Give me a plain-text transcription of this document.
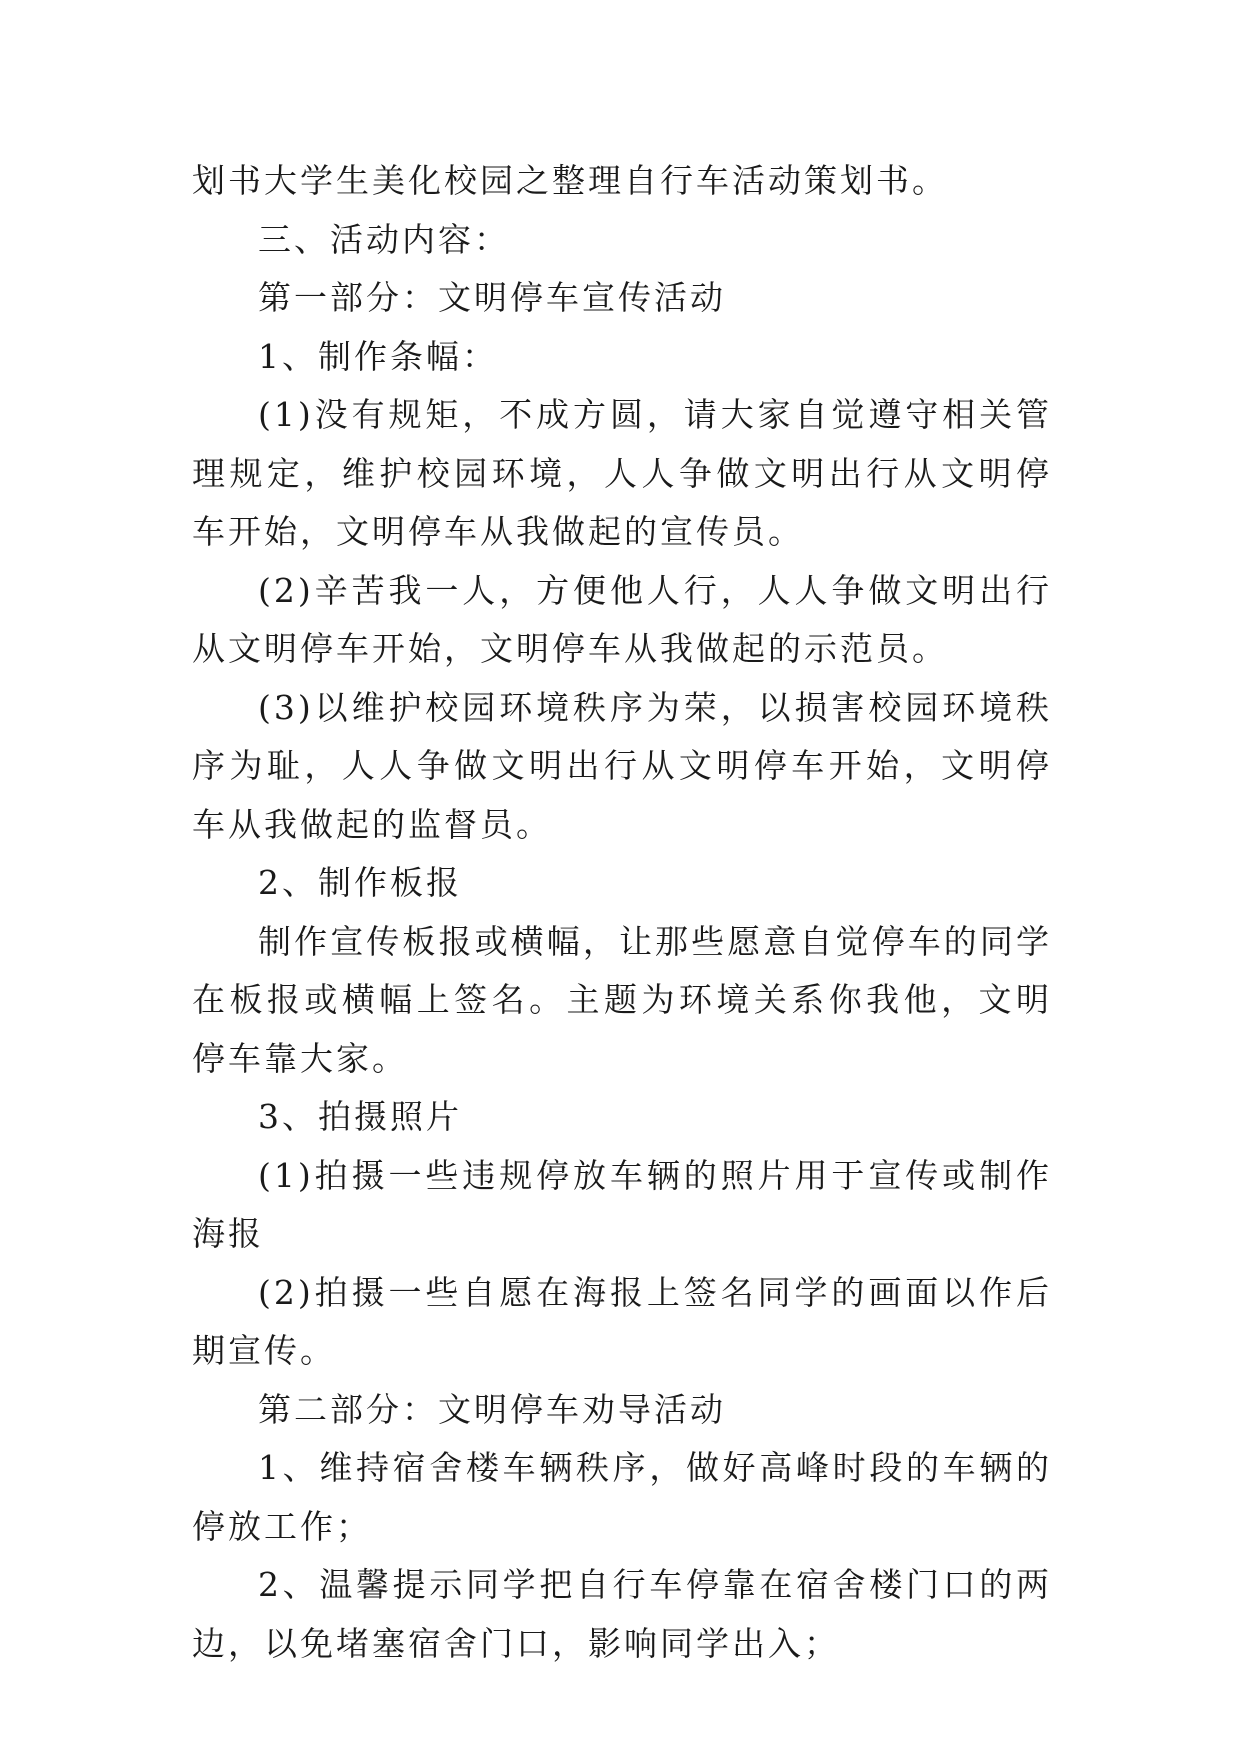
划书大学生美化校园之整理自行车活动策划书。

三、活动内容：

第一部分：文明停车宣传活动

1、制作条幅：

(1)没有规矩，不成方圆，请大家自觉遵守相关管理规定，维护校园环境，人人争做文明出行从文明停车开始，文明停车从我做起的宣传员。

(2)辛苦我一人，方便他人行，人人争做文明出行从文明停车开始，文明停车从我做起的示范员。

(3)以维护校园环境秩序为荣，以损害校园环境秩序为耻，人人争做文明出行从文明停车开始，文明停车从我做起的监督员。

2、制作板报

制作宣传板报或横幅，让那些愿意自觉停车的同学在板报或横幅上签名。主题为环境关系你我他，文明停车靠大家。

3、拍摄照片

(1)拍摄一些违规停放车辆的照片用于宣传或制作海报

(2)拍摄一些自愿在海报上签名同学的画面以作后期宣传。

第二部分：文明停车劝导活动

1、维持宿舍楼车辆秩序，做好高峰时段的车辆的停放工作；

2、温馨提示同学把自行车停靠在宿舍楼门口的两边，以免堵塞宿舍门口，影响同学出入；
